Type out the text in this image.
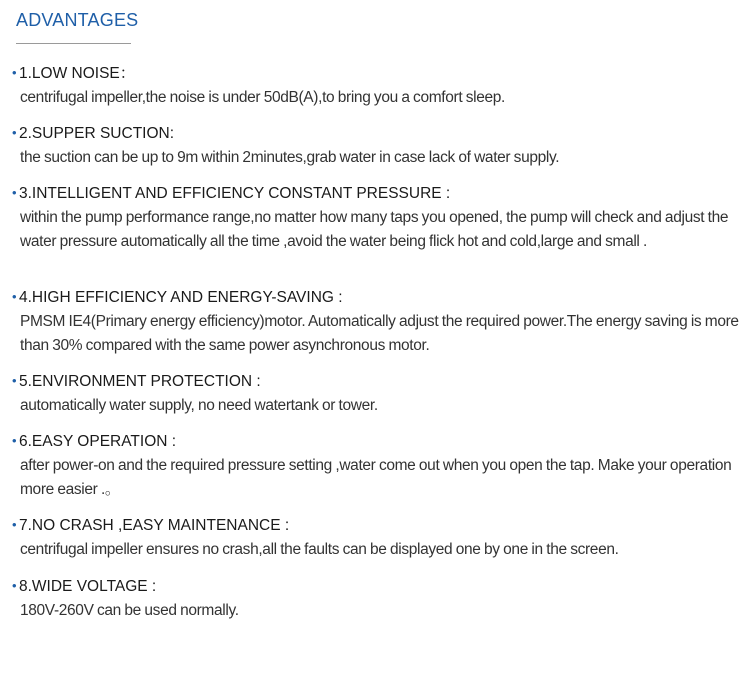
ADVANTAGES
• 1.LOW NOISE：
centrifugal impeller,the noise is under 50dB(A),to bring you a comfort sleep.
• 2.SUPPER SUCTION:
the suction can be up to 9m within 2minutes,grab water in case lack of water supply.
• 3.INTELLIGENT AND EFFICIENCY CONSTANT PRESSURE :
within the pump performance range,no matter how many taps you opened, the pump will check and adjust the water pressure automatically all the time ,avoid the water being flick hot and cold,large and small .
• 4.HIGH EFFICIENCY AND ENERGY-SAVING :
PMSM IE4(Primary energy efficiency)motor. Automatically adjust the required power.The energy saving is more than 30% compared with the same power asynchronous motor.
• 5.ENVIRONMENT PROTECTION :
automatically water supply, no need watertank or tower.
• 6.EASY OPERATION :
after power-on and the required pressure setting ,water come out when you open the tap. Make your operation more easier .。
• 7.NO CRASH ,EASY MAINTENANCE :
centrifugal impeller ensures no crash,all the faults can be displayed one by one in the screen.
• 8.WIDE VOLTAGE :
180V-260V can be used normally.
